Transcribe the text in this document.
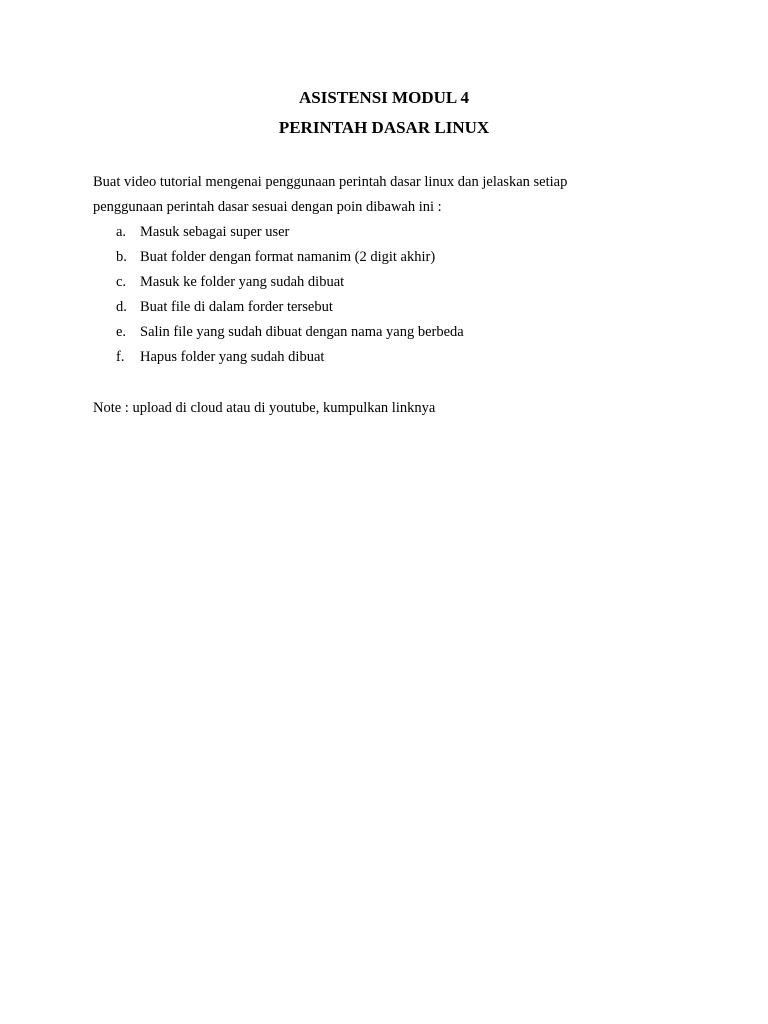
ASISTENSI MODUL 4
PERINTAH DASAR LINUX

Buat video tutorial mengenai penggunaan perintah dasar linux dan jelaskan setiap
penggunaan perintah dasar sesuai dengan poin dibawah ini :

a. Masuk sebagai super user
b. Buat folder dengan format namanim (2 digit akhir)
c. Masuk ke folder yang sudah dibuat
d. Buat file di dalam forder tersebut
e. Salin file yang sudah dibuat dengan nama yang berbeda
f.	Hapus folder yang sudah dibuat

Note : upload di cloud atau di youtube, kumpulkan linknya
